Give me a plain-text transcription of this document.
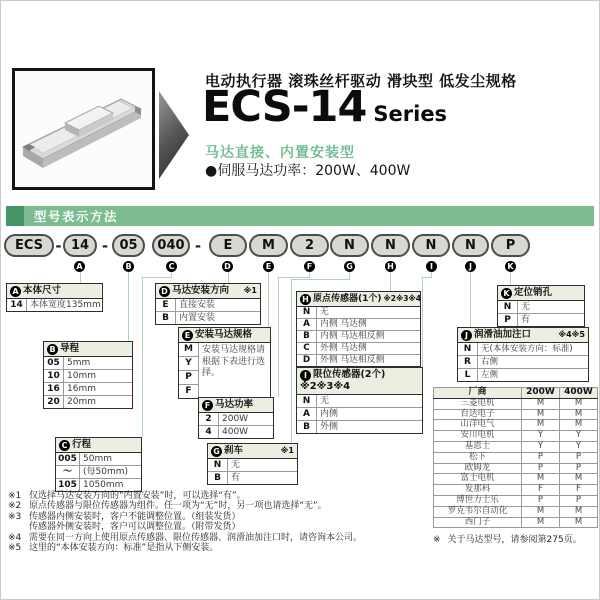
电动执行器 滚珠丝杆驱动 滑块型 低发尘规格
ECS-14 Series
马达直接、内置安装型
●伺服马达功率：200W、400W
型号表示方法
ECS - 14 - 05	040 -	E	M	2	N	N	N	N	P
A	B	C	D	E	F	G	H	I	J	K
A 本体尺寸
14 本体宽度135mm
B 导程
05 5mm
10 10mm
16 16mm
20 20mm
C 行程
005 50mm
〜	(每50mm)
105 1050mm
D 马达安装方向 ※1
E	直接安装
B	内置安装
E 安装马达规格
M
Y
P
F
安装马达规格请根据下表进行选择。
F 马达功率
2	200W
4	400W
G 刹车	※1
N	无
B	有
H 原点传感器(1个) ※2※3※4
N	无
A	内侧 马达侧
B	内侧 马达相反侧
C	外侧 马达侧
D	外侧 马达相反侧
I 限位传感器(2个)
※2※3※4
N	无
A	内侧
B	外侧
K 定位销孔
N	无
P	有
J 润滑油加注口	※4※5
N	无(本体安装方向：标准)
R	右侧
L	左侧
厂商	200W	400W
三菱电机	M	M
台达电子	M	M
山洋电气	M	M
安川电机	Y	Y
基恩士	Y	Y
松下	P	P
欧姆龙	P	P
富士电机	M	M
发那科	F	F
博世力士乐	P	P
罗克韦尔自动化	M	M
西门子	M	M
※ 关于马达型号，请参阅第275页。
※1 仅选择马达安装方向的“内置安装”时，可以选择“有”。
※2 原点传感器与限位传感器为组件。任一项为“无”时，另一项也请选择“无”。
※3 传感器内侧安装时，客户不能调整位置。（组装发货）
传感器外侧安装时，客户可以调整位置。（附带发货）
※4 需要在同一方向上使用原点传感器、限位传感器、润滑油加注口时，请咨询本公司。
※5 这里的“本体安装方向：标准”是指从下侧安装。
